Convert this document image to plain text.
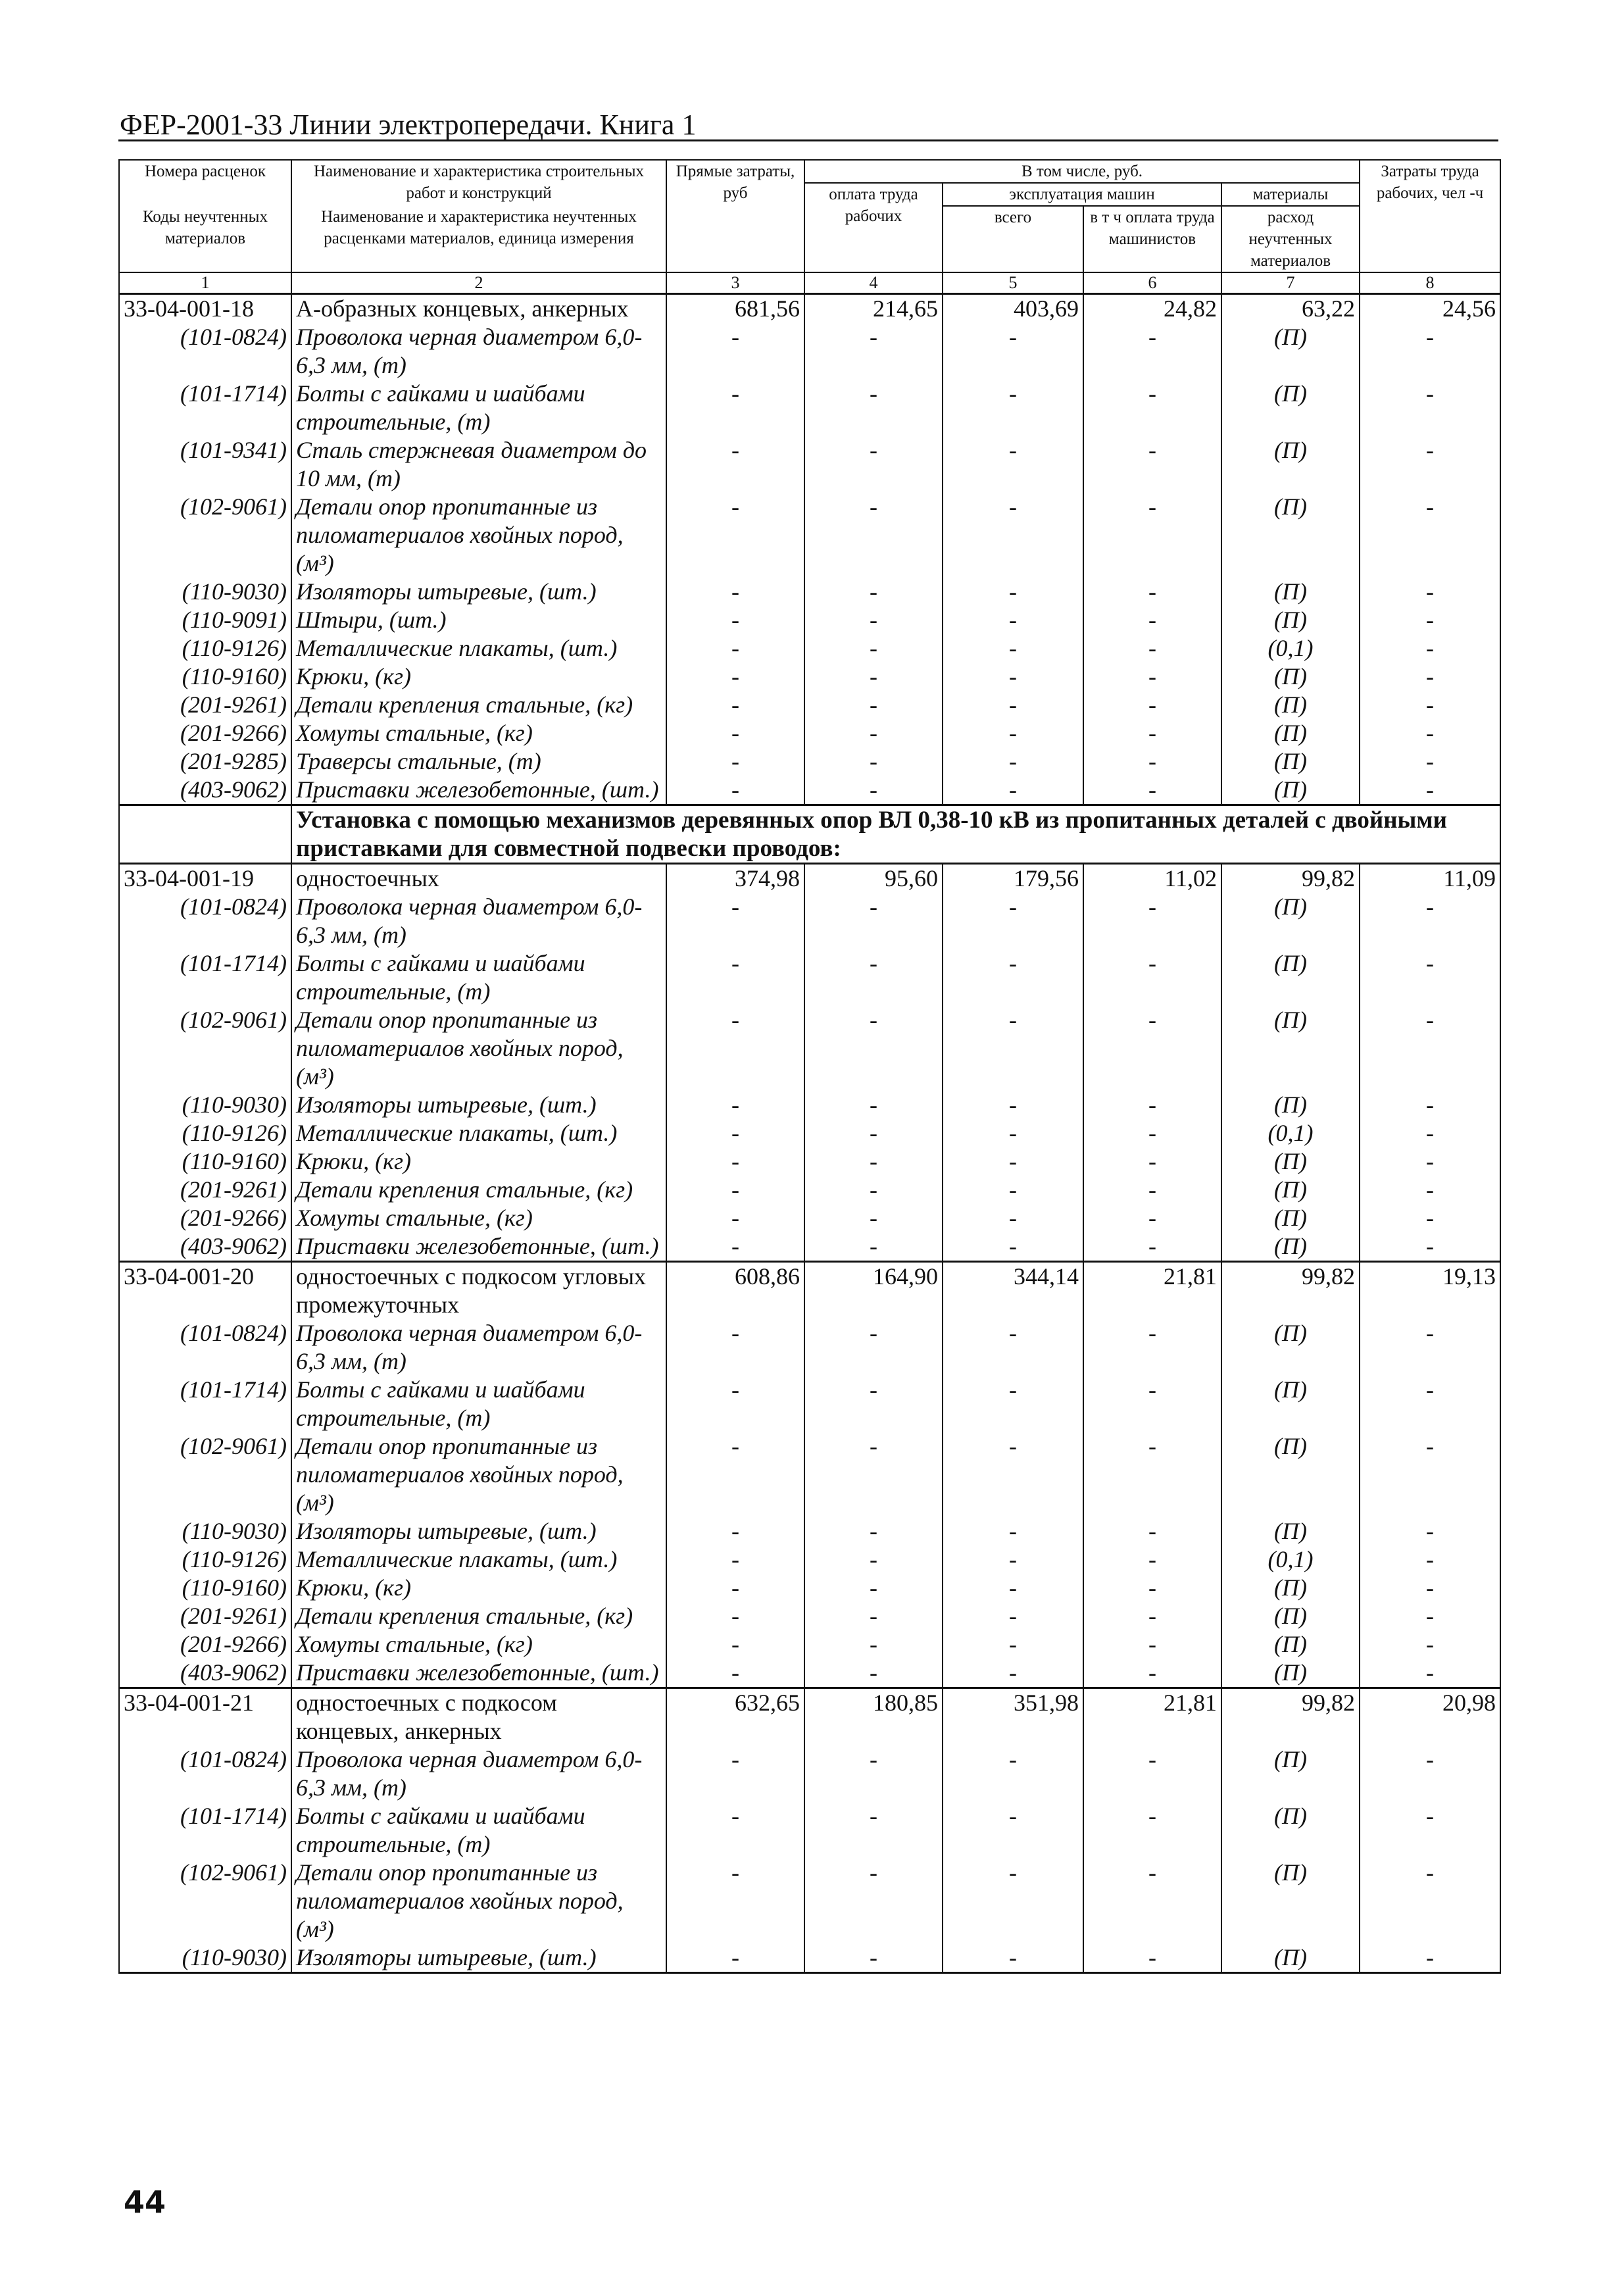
ФЕР-2001-33 Линии электропередачи. Книга 1
Номера расценок	Наименование и характеристика строительных работ и конструкций	Прямые затраты, руб	В том числе, руб.				Затраты труда рабочих, чел -ч
			оплата труда рабочих	эксплуатация машин		материалы	
Коды неучтенных материалов	Наименование и характеристика неучтенных расценками материалов, единица измерения			всего	в т ч оплата труда машинистов	расход неучтенных материалов	

1	2	3	4	5	6	7	8
33-04-001-18	А-образных концевых, анкерных	681,56	214,65	403,69	24,82	63,22	24,56
(101-0824)	Проволока черная диаметром 6,0-6,3 мм, (т)	-	-	-	-	(П)	-
(101-1714)	Болты с гайками и шайбами строительные, (т)	-	-	-	-	(П)	-
(101-9341)	Сталь стержневая диаметром до 10 мм, (т)	-	-	-	-	(П)	-
(102-9061)	Детали опор пропитанные из пиломатериалов хвойных пород, (м³)	-	-	-	-	(П)	-
(110-9030)	Изоляторы штыревые, (шт.)	-	-	-	-	(П)	-
(110-9091)	Штыри, (шт.)	-	-	-	-	(П)	-
(110-9126)	Металлические плакаты, (шт.)	-	-	-	-	(0,1)	-
(110-9160)	Крюки, (кг)	-	-	-	-	(П)	-
(201-9261)	Детали крепления стальные, (кг)	-	-	-	-	(П)	-
(201-9266)	Хомуты стальные, (кг)	-	-	-	-	(П)	-
(201-9285)	Траверсы стальные, (т)	-	-	-	-	(П)	-
(403-9062)	Приставки железобетонные, (шт.)	-	-	-	-	(П)	-
	Установка с помощью механизмов деревянных опор ВЛ 0,38-10 кВ из пропитанных деталей с двойными приставками для совместной подвески проводов:						
33-04-001-19	одностоечных	374,98	95,60	179,56	11,02	99,82	11,09
(101-0824)	Проволока черная диаметром 6,0-6,3 мм, (т)	-	-	-	-	(П)	-
(101-1714)	Болты с гайками и шайбами строительные, (т)	-	-	-	-	(П)	-
(102-9061)	Детали опор пропитанные из пиломатериалов хвойных пород, (м³)	-	-	-	-	(П)	-
(110-9030)	Изоляторы штыревые, (шт.)	-	-	-	-	(П)	-
(110-9126)	Металлические плакаты, (шт.)	-	-	-	-	(0,1)	-
(110-9160)	Крюки, (кг)	-	-	-	-	(П)	-
(201-9261)	Детали крепления стальные, (кг)	-	-	-	-	(П)	-
(201-9266)	Хомуты стальные, (кг)	-	-	-	-	(П)	-
(403-9062)	Приставки железобетонные, (шт.)	-	-	-	-	(П)	-
33-04-001-20	одностоечных с подкосом угловых промежуточных	608,86	164,90	344,14	21,81	99,82	19,13
(101-0824)	Проволока черная диаметром 6,0-6,3 мм, (т)	-	-	-	-	(П)	-
(101-1714)	Болты с гайками и шайбами строительные, (т)	-	-	-	-	(П)	-
(102-9061)	Детали опор пропитанные из пиломатериалов хвойных пород, (м³)	-	-	-	-	(П)	-
(110-9030)	Изоляторы штыревые, (шт.)	-	-	-	-	(П)	-
(110-9126)	Металлические плакаты, (шт.)	-	-	-	-	(0,1)	-
(110-9160)	Крюки, (кг)	-	-	-	-	(П)	-
(201-9261)	Детали крепления стальные, (кг)	-	-	-	-	(П)	-
(201-9266)	Хомуты стальные, (кг)	-	-	-	-	(П)	-
(403-9062)	Приставки железобетонные, (шт.)	-	-	-	-	(П)	-
33-04-001-21	одностоечных с подкосом концевых, анкерных	632,65	180,85	351,98	21,81	99,82	20,98
(101-0824)	Проволока черная диаметром 6,0-6,3 мм, (т)	-	-	-	-	(П)	-
(101-1714)	Болты с гайками и шайбами строительные, (т)	-	-	-	-	(П)	-
(102-9061)	Детали опор пропитанные из пиломатериалов хвойных пород, (м³)	-	-	-	-	(П)	-
(110-9030)	Изоляторы штыревые, (шт.)	-	-	-	-	(П)	-
44
